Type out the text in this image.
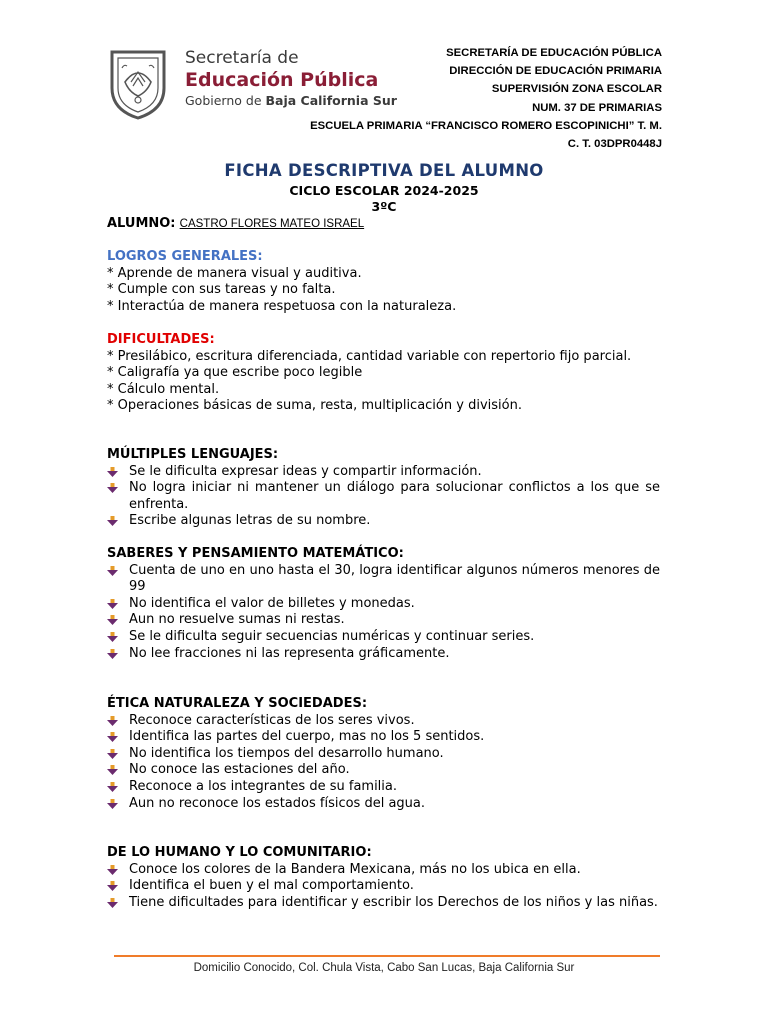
Secretaría de
Educación Pública
Gobierno de Baja California Sur
SECRETARÍA DE EDUCACIÓN PÚBLICA
DIRECCIÓN DE EDUCACIÓN PRIMARIA
SUPERVISIÓN ZONA ESCOLAR
NUM. 37 DE PRIMARIAS
ESCUELA PRIMARIA “FRANCISCO ROMERO ESCOPINICHI” T. M.
C. T. 03DPR0448J
FICHA DESCRIPTIVA DEL ALUMNO
CICLO ESCOLAR 2024-2025
3ºC
ALUMNO: CASTRO FLORES MATEO ISRAEL

LOGROS GENERALES:

* Aprende de manera visual y auditiva.

* Cumple con sus tareas y no falta.

* Interactúa de manera respetuosa con la naturaleza.

DIFICULTADES:

* Presilábico, escritura diferenciada, cantidad variable con repertorio fijo parcial.

* Caligrafía ya que escribe poco legible

* Cálculo mental.

* Operaciones básicas de suma, resta, multiplicación y división.

MÚLTIPLES LENGUAJES:

Se le dificulta expresar ideas y compartir información.
No logra iniciar ni mantener un diálogo para solucionar conflictos a los que se enfrenta.
Escribe algunas letras de su nombre.

SABERES Y PENSAMIENTO MATEMÁTICO:

Cuenta de uno en uno hasta el 30, logra identificar algunos números menores de 99
No identifica el valor de billetes y monedas.
Aun no resuelve sumas ni restas.
Se le dificulta seguir secuencias numéricas y continuar series.
No lee fracciones ni las representa gráficamente.

ÉTICA NATURALEZA Y SOCIEDADES:

Reconoce características de los seres vivos.
Identifica las partes del cuerpo, mas no los 5 sentidos.
No identifica los tiempos del desarrollo humano.
No conoce las estaciones del año.
Reconoce a los integrantes de su familia.
Aun no reconoce los estados físicos del agua.

DE LO HUMANO Y LO COMUNITARIO:

Conoce los colores de la Bandera Mexicana, más no los ubica en ella.
Identifica el buen y el mal comportamiento.
Tiene dificultades para identificar y escribir los Derechos de los niños y las niñas.
Domicilio Conocido, Col. Chula Vista, Cabo San Lucas, Baja California Sur
